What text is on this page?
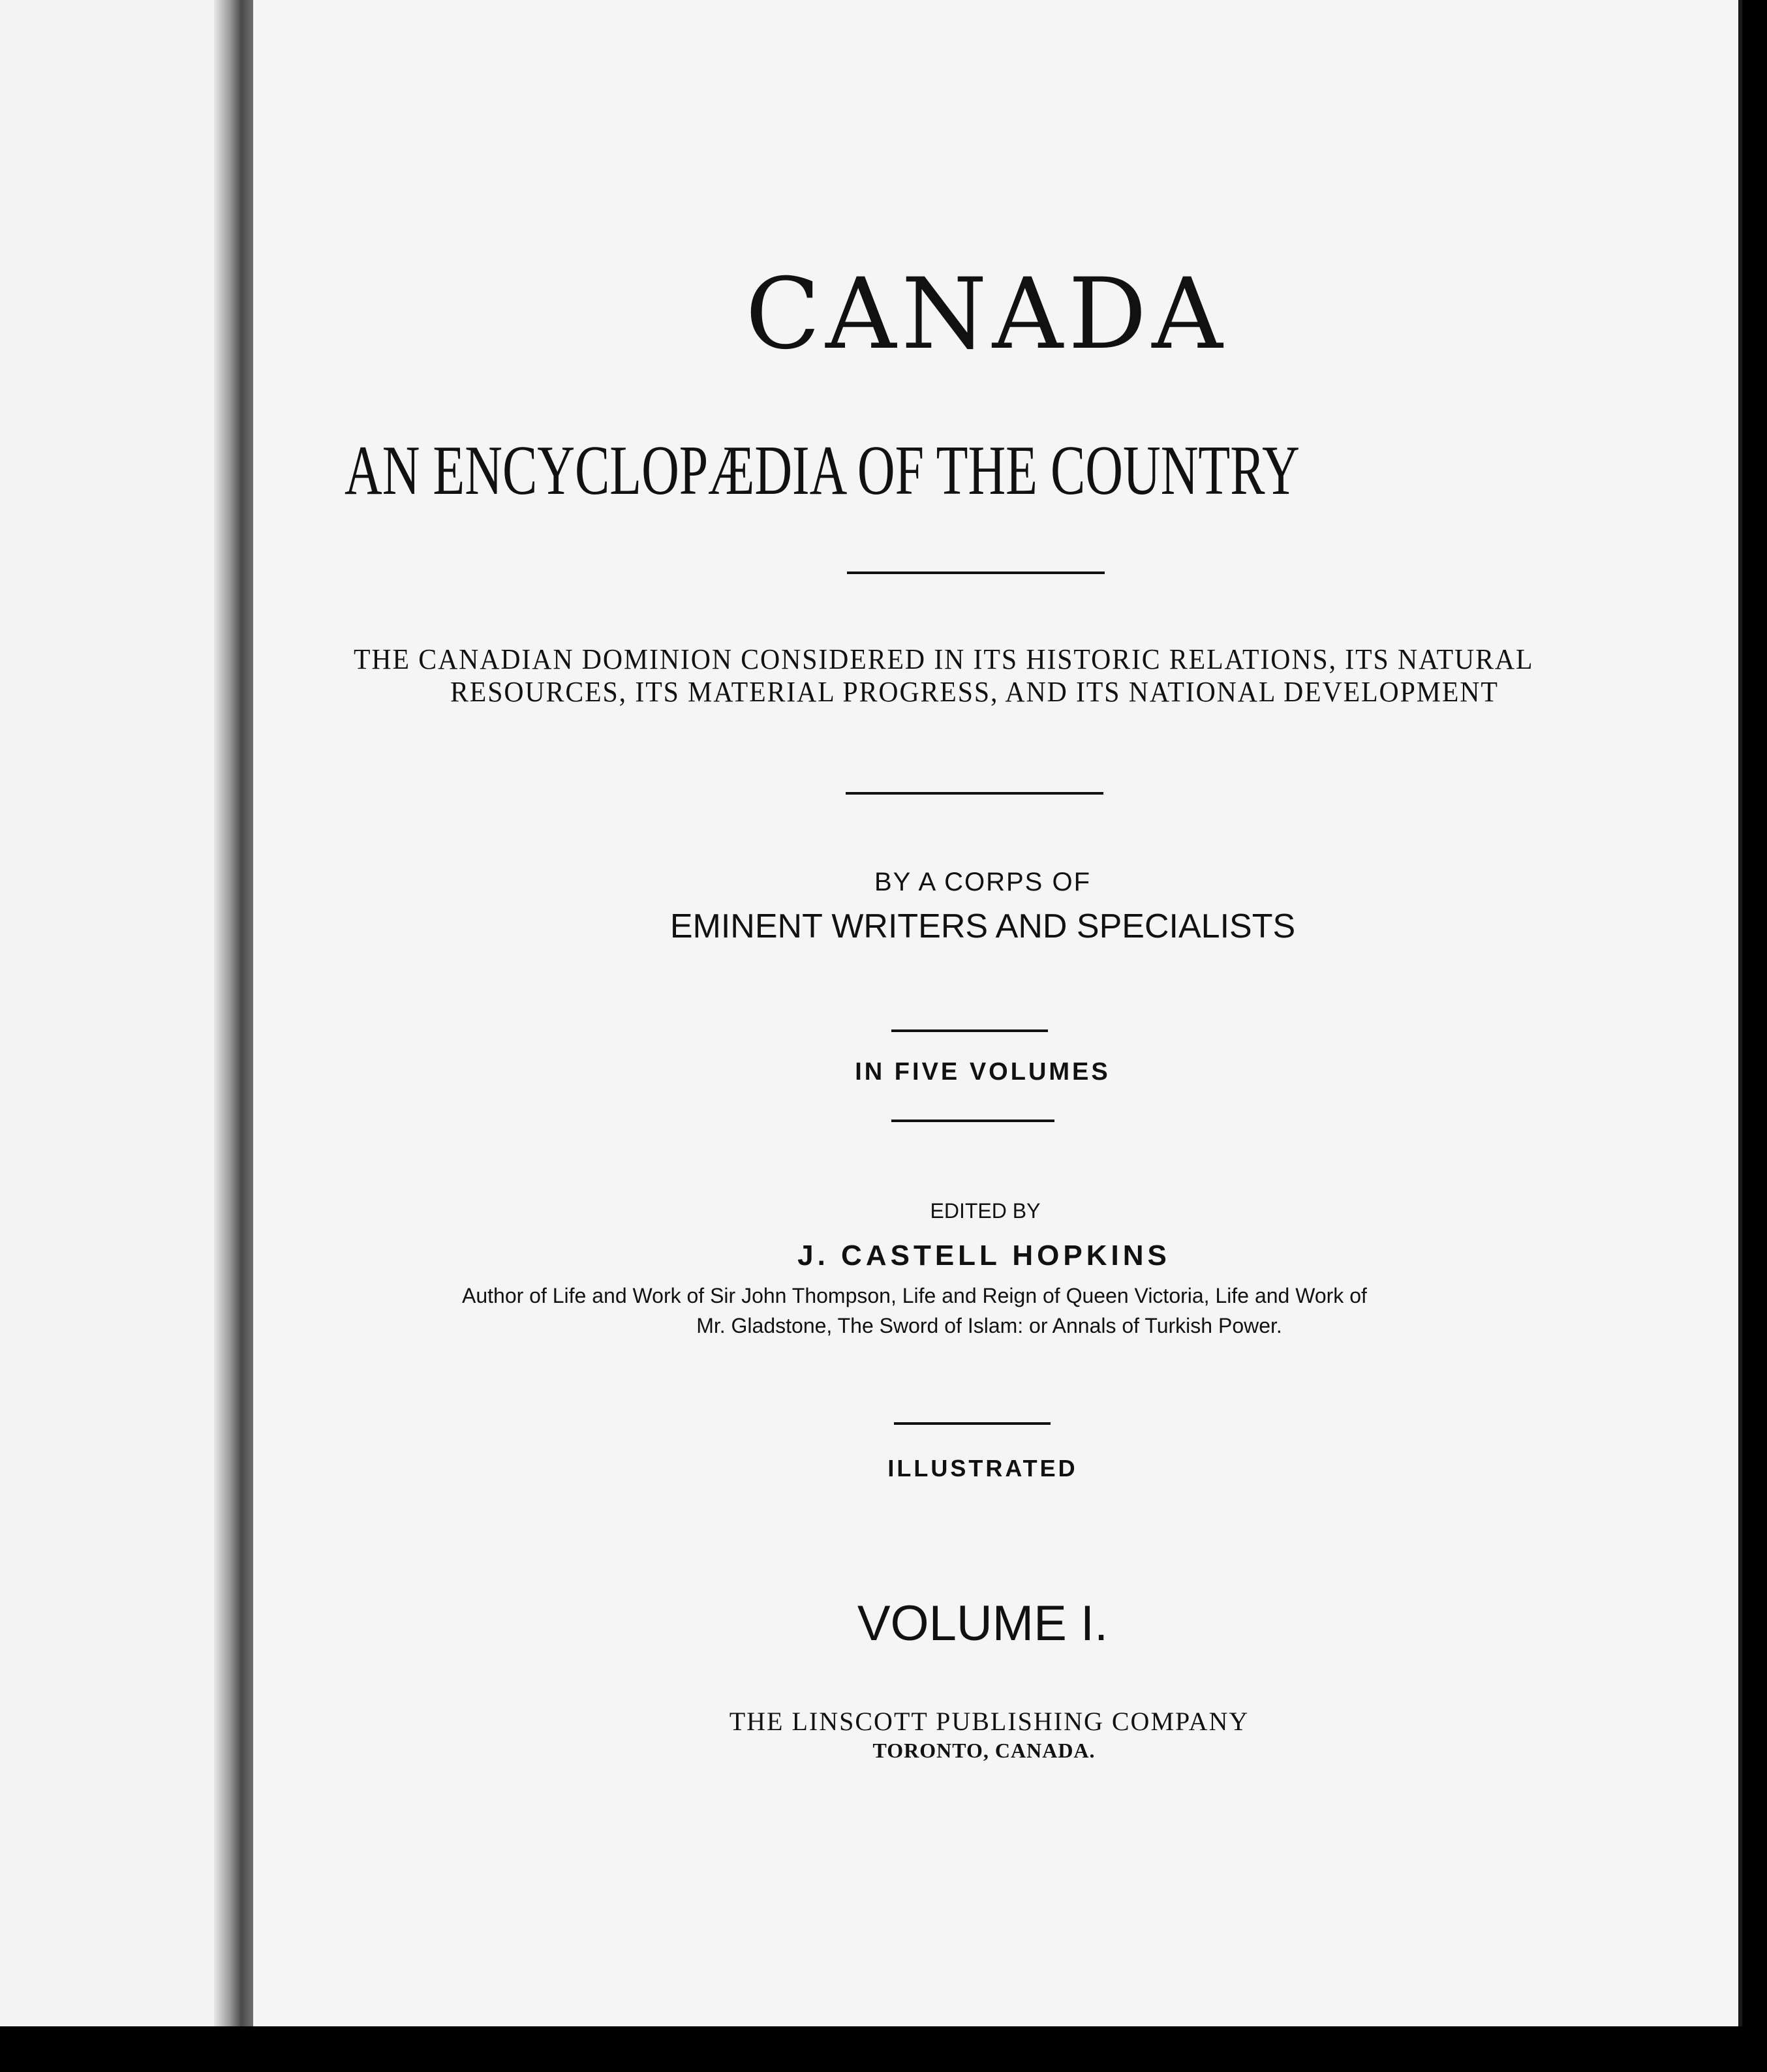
CANADA
AN ENCYCLOPÆDIA OF THE COUNTRY
THE CANADIAN DOMINION CONSIDERED IN ITS HISTORIC RELATIONS, ITS NATURAL
RESOURCES, ITS MATERIAL PROGRESS, AND ITS NATIONAL DEVELOPMENT
BY A CORPS OF
EMINENT WRITERS AND SPECIALISTS
IN FIVE VOLUMES
EDITED BY
J. CASTELL HOPKINS
Author of Life and Work of Sir John Thompson, Life and Reign of Queen Victoria, Life and Work of
Mr. Gladstone, The Sword of Islam: or Annals of Turkish Power.
ILLUSTRATED
VOLUME I.
THE LINSCOTT PUBLISHING COMPANY
TORONTO, CANADA.
